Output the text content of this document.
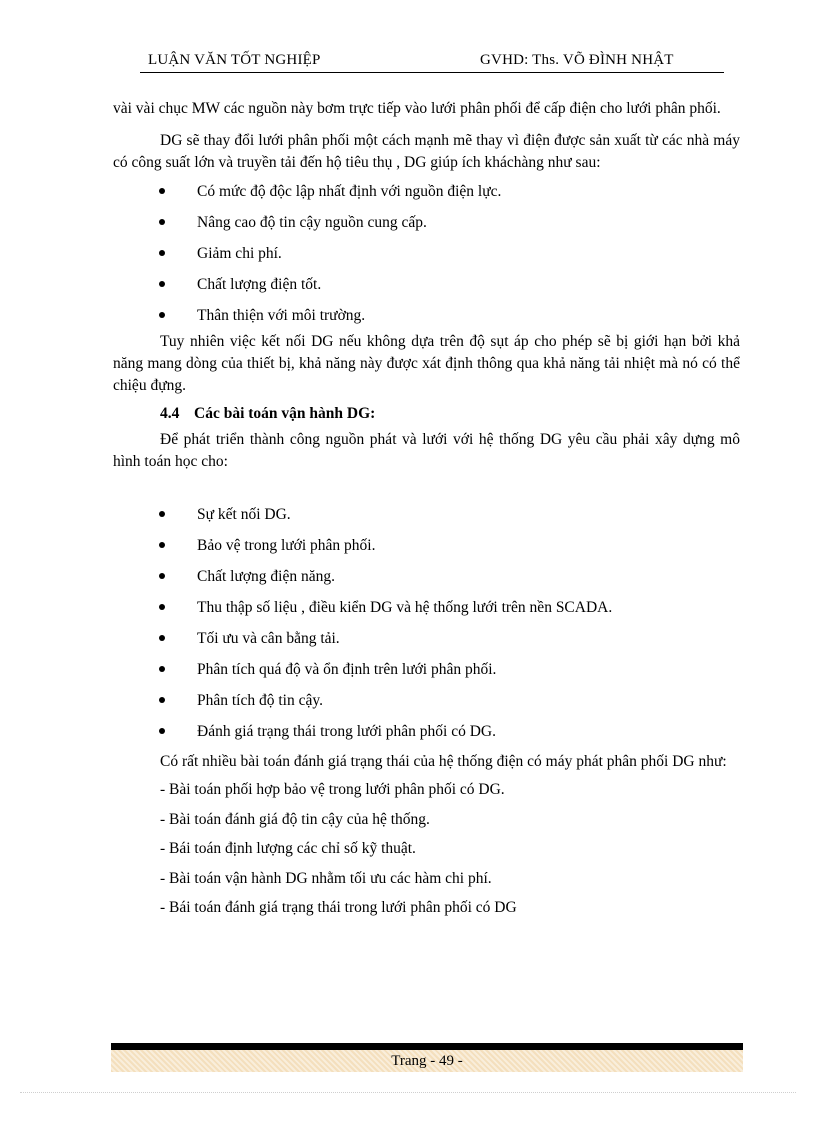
LUẬN VĂN TỐT NGHIỆP	GVHD: Ths. VÕ ĐÌNH NHẬT

vài vài chục MW các nguồn này bơm trực tiếp vào lưới phân phối để cấp điện cho lưới phân phối.

DG sẽ thay đổi lưới phân phối một cách mạnh mẽ thay vì điện được sản xuất từ các nhà máy có công suất lớn và truyền tải đến hộ tiêu thụ , DG giúp ích kháchàng như sau:

Có mức độ độc lập nhất định với nguồn điện lực.
Nâng cao độ tin cậy nguồn cung cấp.
Giảm chi phí.
Chất lượng điện tốt.
Thân thiện với môi trường.

Tuy nhiên việc kết nối DG nếu không dựa trên độ sụt áp cho phép sẽ bị giới hạn bởi khả năng mang dòng của thiết bị, khả năng này được xát định thông qua khả năng tải nhiệt mà nó có thể chiệu đựng.

4.4 Các bài toán vận hành DG:

Để phát triển thành công nguồn phát và lưới với hệ thống DG yêu cầu phải xây dựng mô hình toán học cho:

Sự kết nối DG.
Bảo vệ trong lưới phân phối.
Chất lượng điện năng.
Thu thập số liệu , điều kiển DG và hệ thống lưới trên nền SCADA.
Tối ưu và cân bằng tải.
Phân tích quá độ và ổn định trên lưới phân phối.
Phân tích độ tin cậy.
Đánh giá trạng thái trong lưới phân phối có DG.

Có rất nhiều bài toán đánh giá trạng thái của hệ thống điện có máy phát phân phối DG như:

- Bài toán phối hợp bảo vệ trong lưới phân phối có DG.
- Bài toán đánh giá độ tin cậy của hệ thống.
- Bái toán định lượng các chỉ số kỹ thuật.
- Bài toán vận hành DG nhằm tối ưu các hàm chi phí.
- Bái toán đánh giá trạng thái trong lưới phân phối có DG
Trang - 49 -
